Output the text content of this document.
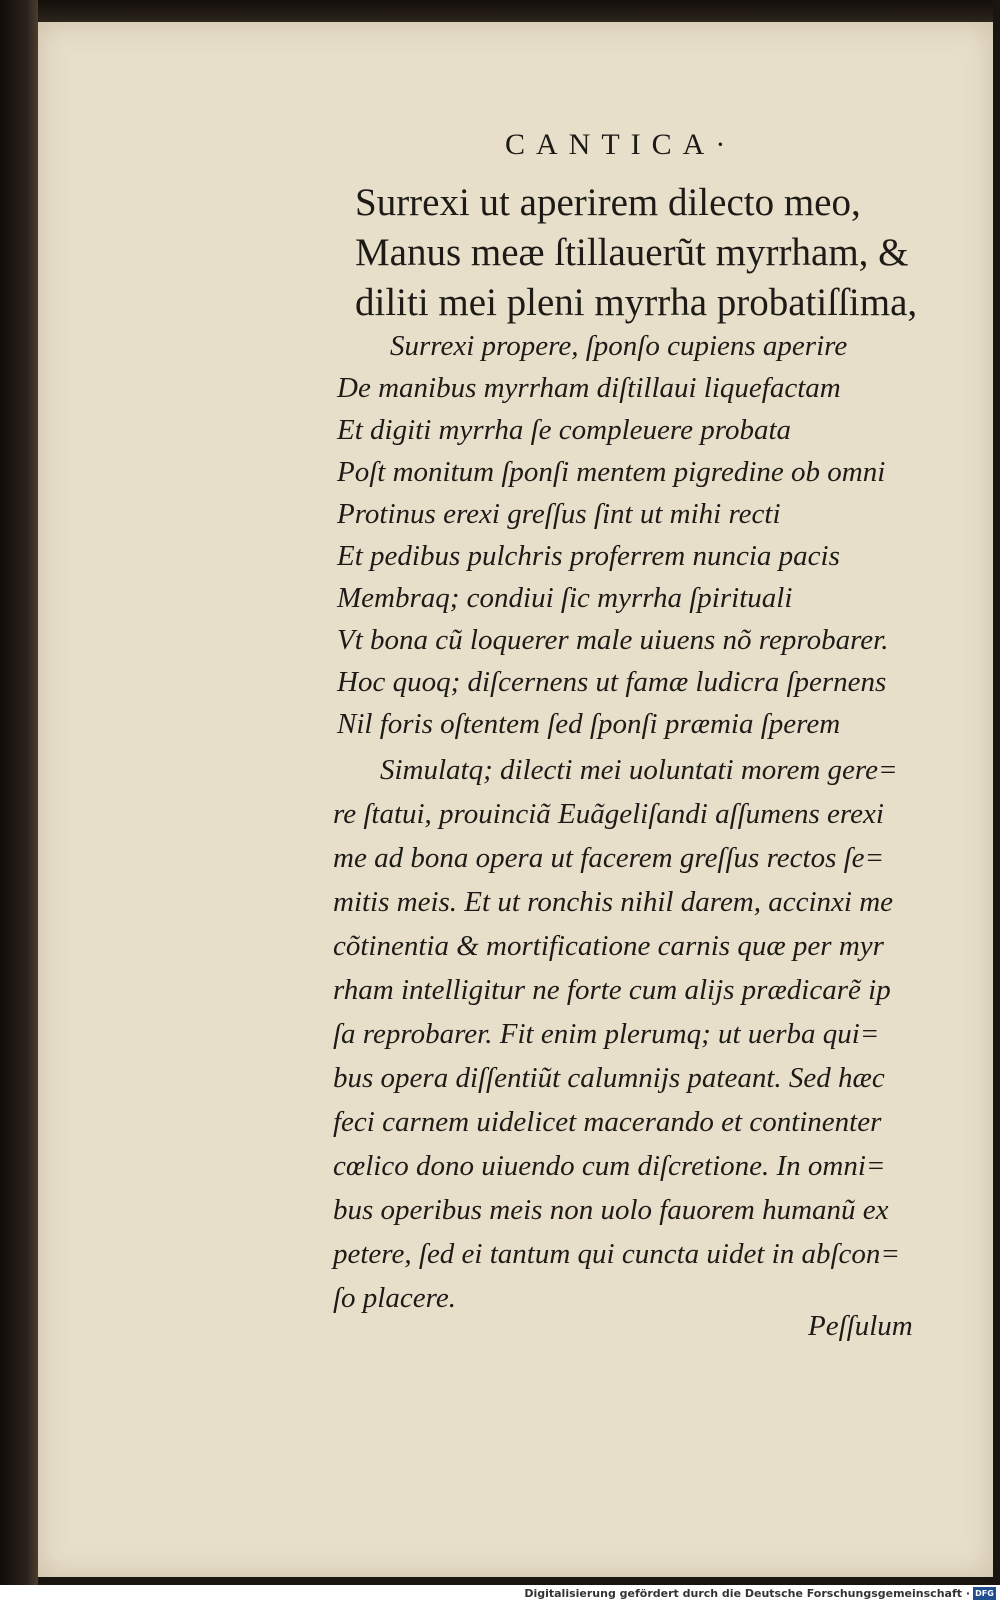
CANTICA·
Surrexi ut aperirem dilecto meo,
Manus meæ ſtillauerũt myrrham, &
diliti mei pleni myrrha probatiſſima,
Surrexi propere, ſponſo cupiens aperire
De manibus myrrham diſtillaui liquefactam
Et digiti myrrha ſe compleuere probata
Poſt monitum ſponſi mentem pigredine ob omni
Protinus erexi greſſus ſint ut mihi recti
Et pedibus pulchris proferrem nuncia pacis
Membraq; condiui ſic myrrha ſpirituali
Vt bona cũ loquerer male uiuens nõ reprobarer.
Hoc quoq; diſcernens ut famæ ludicra ſpernens
Nil foris oſtentem ſed ſponſi præmia ſperem
Simulatq; dilecti mei uoluntati morem gere=
re ſtatui, prouinciã Euãgeliſandi aſſumens erexi
me ad bona opera ut facerem greſſus rectos ſe=
mitis meis. Et ut ronchis nihil darem, accinxi me
cõtinentia & mortificatione carnis quæ per myr
rham intelligitur ne forte cum alijs prædicarẽ ip
ſa reprobarer. Fit enim plerumq; ut uerba qui=
bus opera diſſentiũt calumnijs pateant. Sed hæc
feci carnem uidelicet macerando et continenter
cœlico dono uiuendo cum diſcretione. In omni=
bus operibus meis non uolo fauorem humanũ ex
petere, ſed ei tantum qui cuncta uidet in abſcon=
ſo placere.
Peſſulum
Digitalisierung gefördert durch die Deutsche Forschungsgemeinschaft · DFG
